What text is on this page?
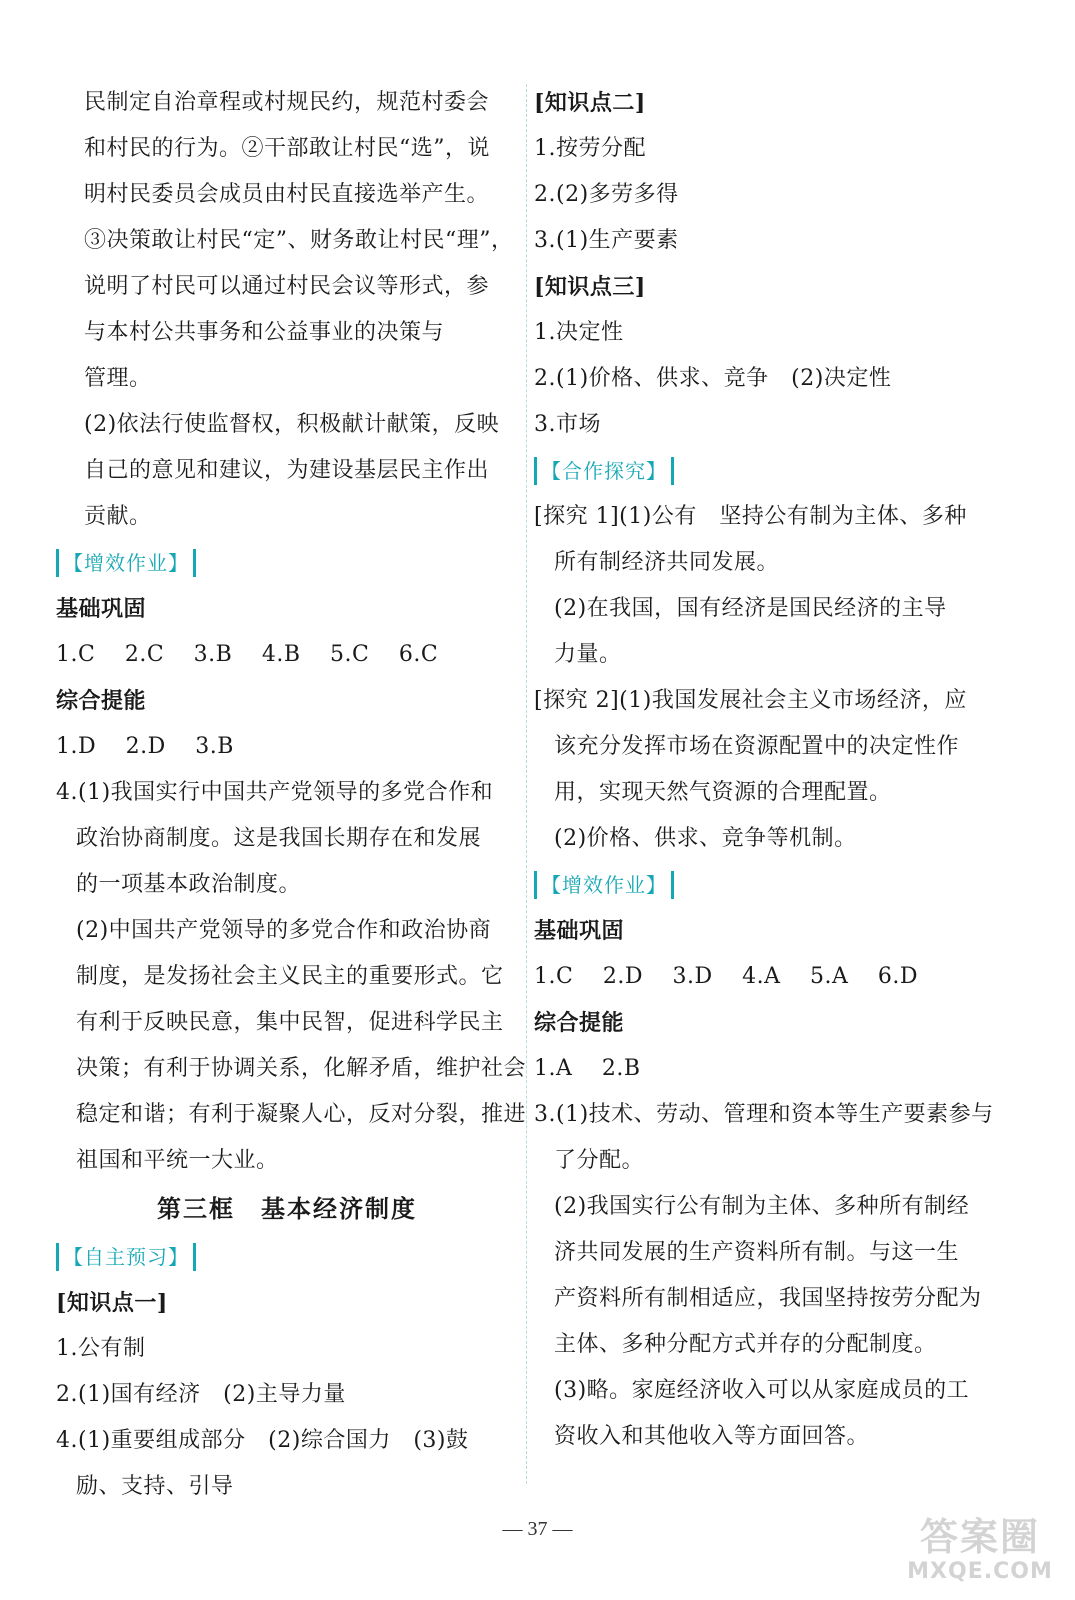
民制定自治章程或村规民约，规范村委会
和村民的行为。②干部敢让村民“选”，说
明村民委员会成员由村民直接选举产生。
③决策敢让村民“定”、财务敢让村民“理”，
说明了村民可以通过村民会议等形式，参
与本村公共事务和公益事业的决策与
管理。
(2)依法行使监督权，积极献计献策，反映
自己的意见和建议，为建设基层民主作出
贡献。
【增效作业】
基础巩固
1.C 2.C 3.B 4.B 5.C 6.C
综合提能
1.D 2.D 3.B
4.(1)我国实行中国共产党领导的多党合作和
政治协商制度。这是我国长期存在和发展
的一项基本政治制度。
(2)中国共产党领导的多党合作和政治协商
制度，是发扬社会主义民主的重要形式。它
有利于反映民意，集中民智，促进科学民主
决策；有利于协调关系，化解矛盾，维护社会
稳定和谐；有利于凝聚人心，反对分裂，推进
祖国和平统一大业。
第三框　基本经济制度
【自主预习】
[知识点一]
1.公有制
2.(1)国有经济　(2)主导力量
4.(1)重要组成部分　(2)综合国力　(3)鼓
励、支持、引导
[知识点二]
1.按劳分配
2.(2)多劳多得
3.(1)生产要素
[知识点三]
1.决定性
2.(1)价格、供求、竞争　(2)决定性
3.市场
【合作探究】
[探究 1](1)公有　坚持公有制为主体、多种
所有制经济共同发展。
(2)在我国，国有经济是国民经济的主导
力量。
[探究 2](1)我国发展社会主义市场经济，应
该充分发挥市场在资源配置中的决定性作
用，实现天然气资源的合理配置。
(2)价格、供求、竞争等机制。
【增效作业】
基础巩固
1.C 2.D 3.D 4.A 5.A 6.D
综合提能
1.A 2.B
3.(1)技术、劳动、管理和资本等生产要素参与
了分配。
(2)我国实行公有制为主体、多种所有制经
济共同发展的生产资料所有制。与这一生
产资料所有制相适应，我国坚持按劳分配为
主体、多种分配方式并存的分配制度。
(3)略。家庭经济收入可以从家庭成员的工
资收入和其他收入等方面回答。
— 37 —	答案圈
MXQE.COM
